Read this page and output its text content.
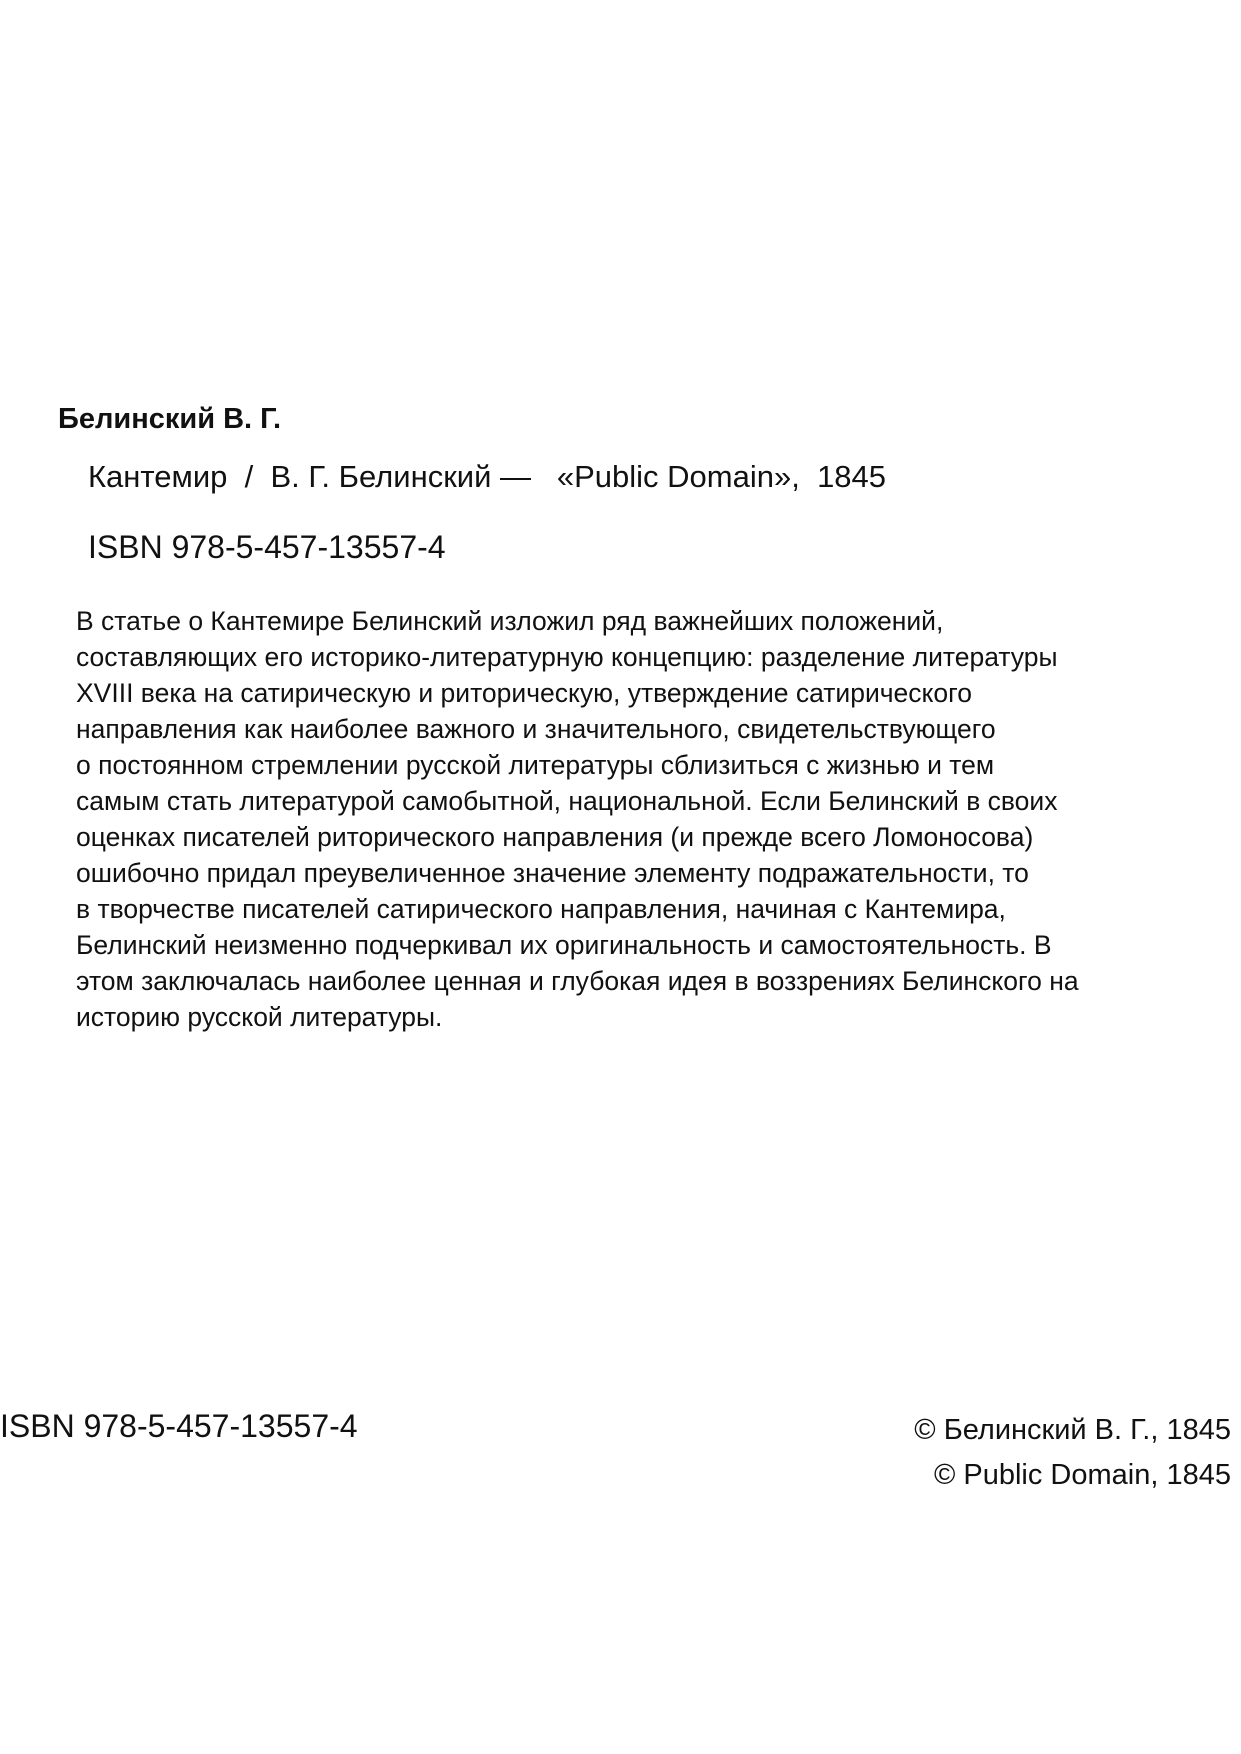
Белинский В. Г.
Кантемир / В. Г. Белинский — «Public Domain», 1845
ISBN 978-5-457-13557-4
В статье о Кантемире Белинский изложил ряд важнейших положений,
составляющих его историко-литературную концепцию: разделение литературы
XVIII века на сатирическую и риторическую, утверждение сатирического
направления как наиболее важного и значительного, свидетельствующего
о постоянном стремлении русской литературы сблизиться с жизнью и тем
самым стать литературой самобытной, национальной. Если Белинский в своих
оценках писателей риторического направления (и прежде всего Ломоносова)
ошибочно придал преувеличенное значение элементу подражательности, то
в творчестве писателей сатирического направления, начиная с Кантемира,
Белинский неизменно подчеркивал их оригинальность и самостоятельность. В
этом заключалась наиболее ценная и глубокая идея в воззрениях Белинского на
историю русской литературы.
ISBN 978-5-457-13557-4	© Белинский В. Г., 1845
© Public Domain, 1845
